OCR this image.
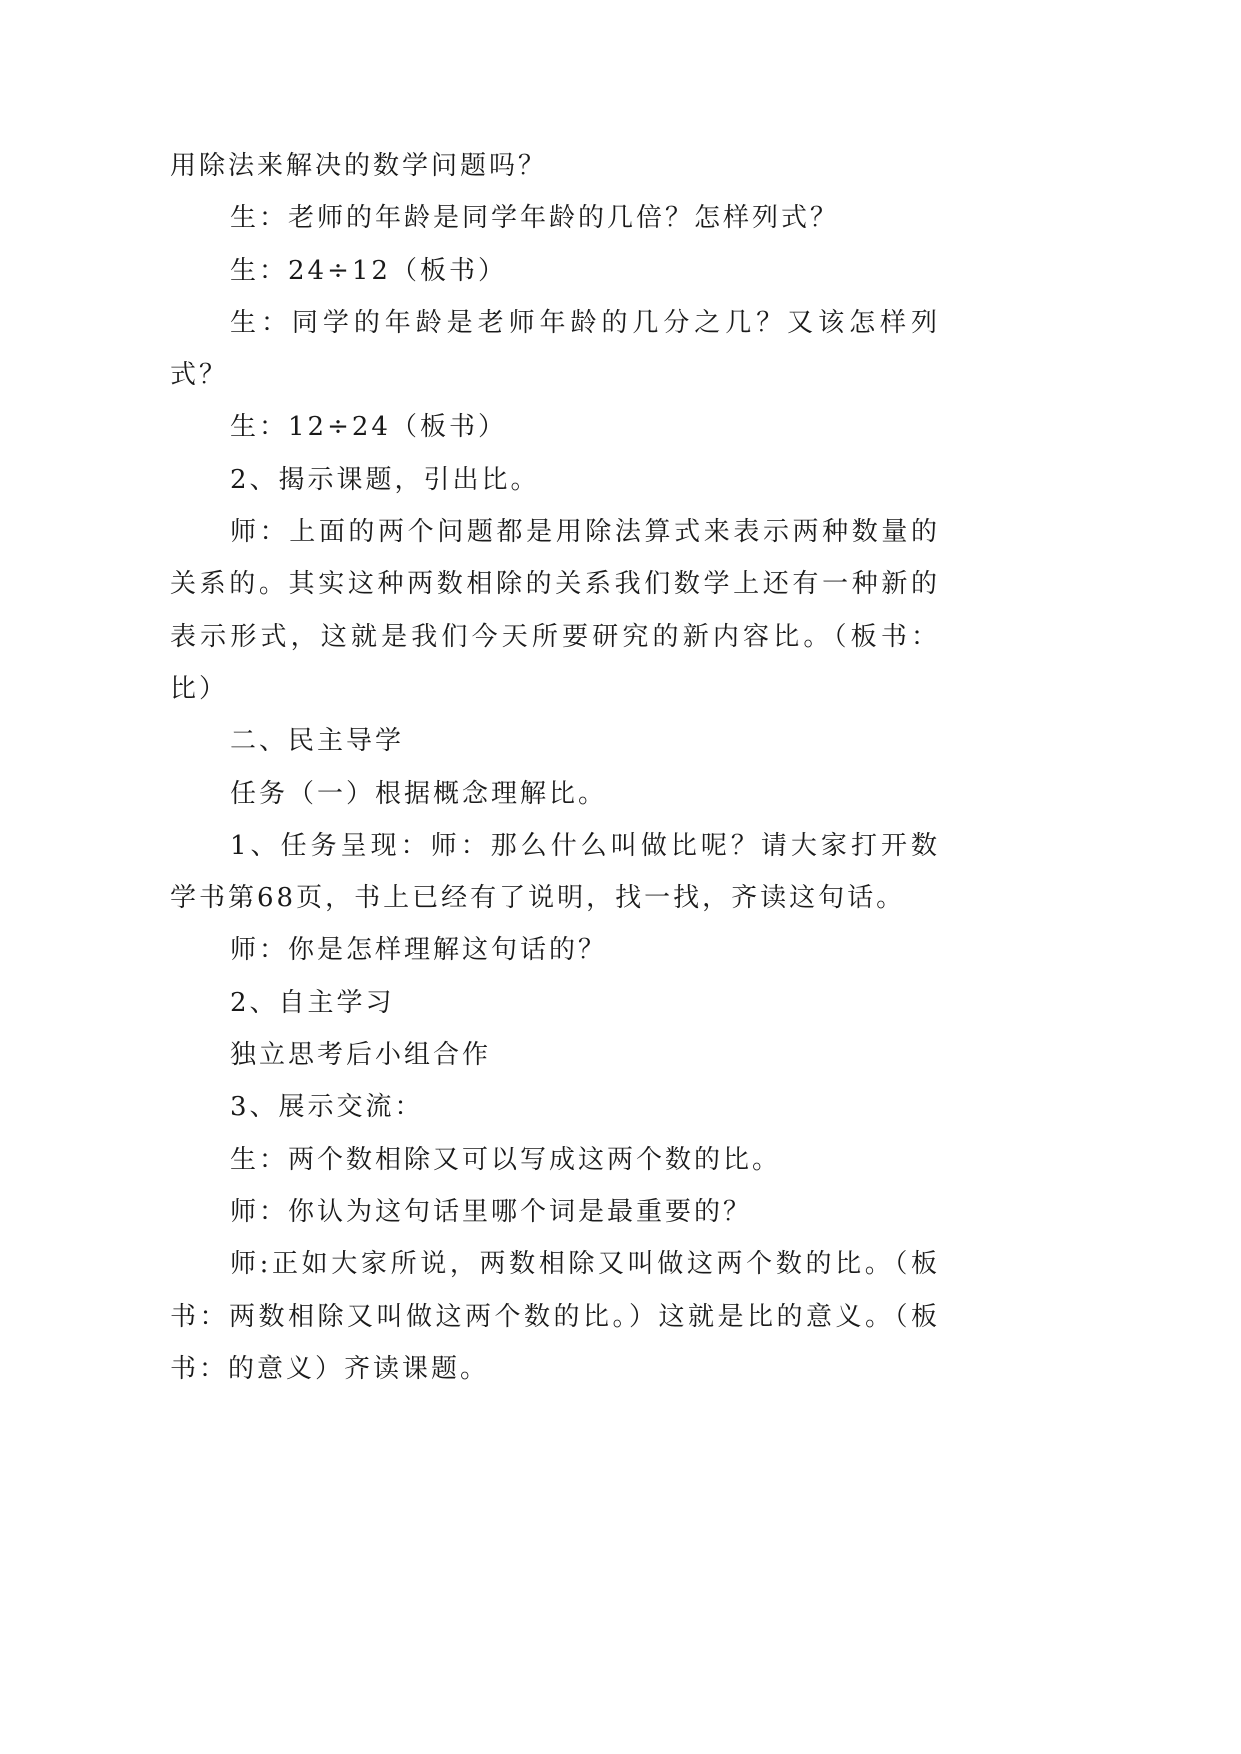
用除法来解决的数学问题吗？

生：老师的年龄是同学年龄的几倍？怎样列式？

生：24÷12（板书）

生：同学的年龄是老师年龄的几分之几？又该怎样列式？

生：12÷24（板书）

2、揭示课题，引出比。

师：上面的两个问题都是用除法算式来表示两种数量的关系的。其实这种两数相除的关系我们数学上还有一种新的表示形式，这就是我们今天所要研究的新内容比。（板书：比）

二、民主导学

任务（一）根据概念理解比。

1、任务呈现：师：那么什么叫做比呢？请大家打开数学书第68页，书上已经有了说明，找一找，齐读这句话。

师：你是怎样理解这句话的？

2、自主学习

独立思考后小组合作

3、展示交流：

生：两个数相除又可以写成这两个数的比。

师：你认为这句话里哪个词是最重要的？

师:正如大家所说，两数相除又叫做这两个数的比。（板书：两数相除又叫做这两个数的比。）这就是比的意义。（板书：的意义）齐读课题。
